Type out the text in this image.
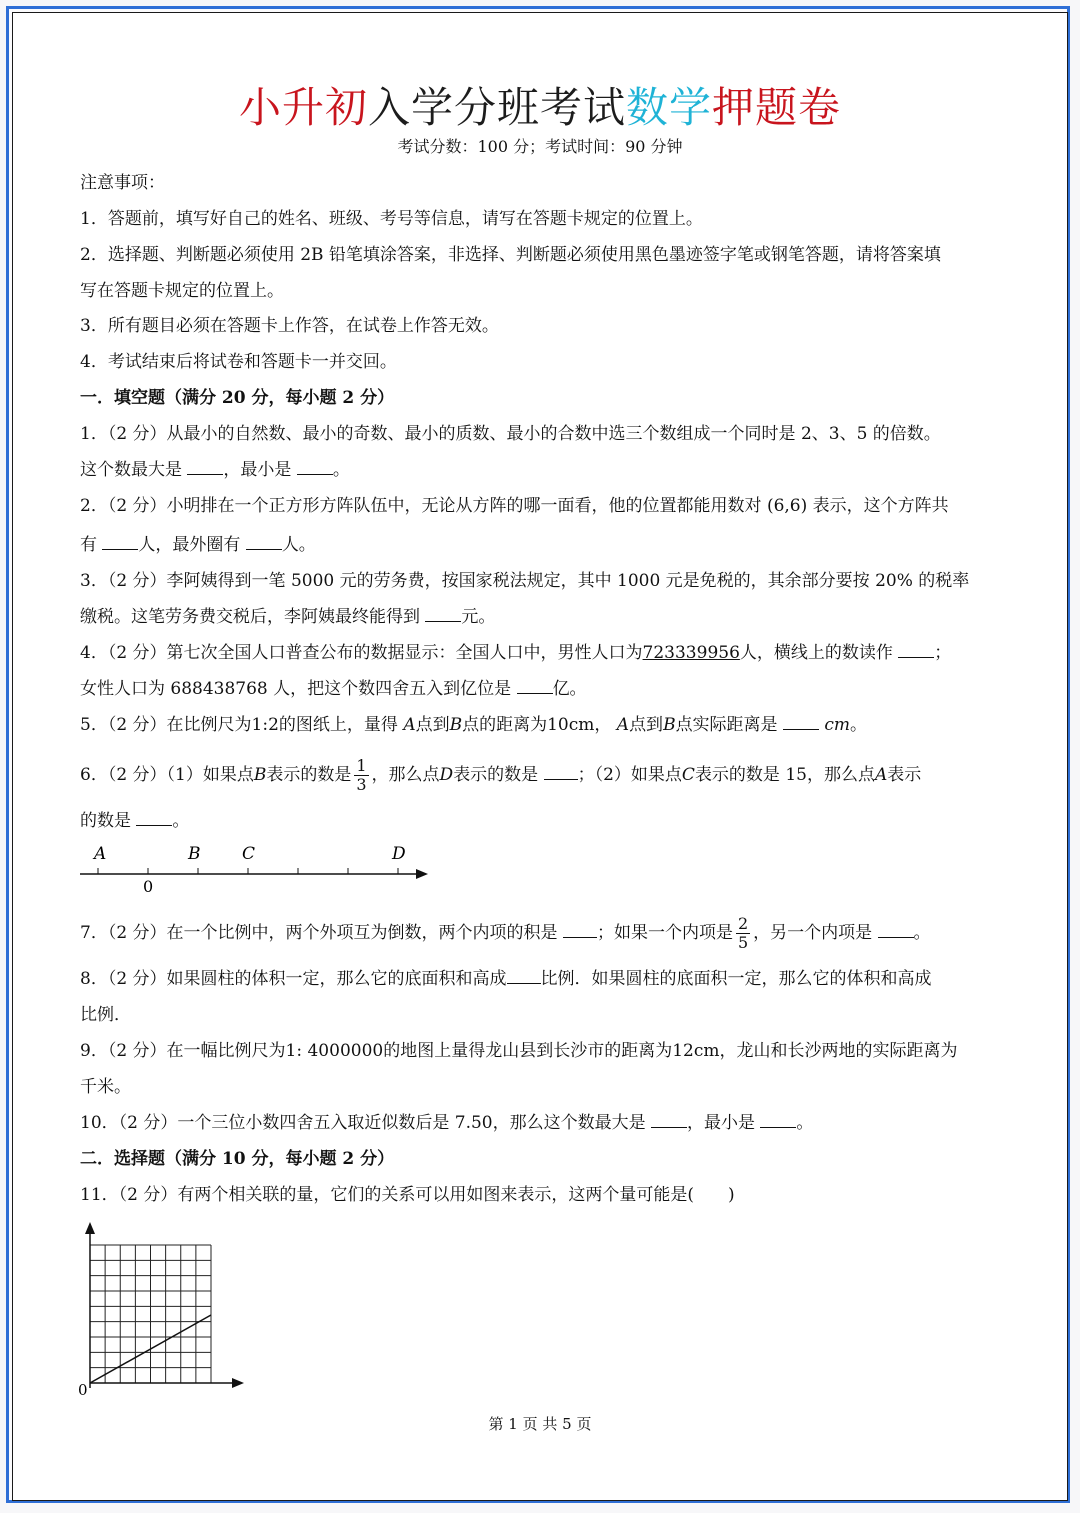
小升初入学分班考试数学押题卷
考试分数：100 分；考试时间：90 分钟
注意事项：
1．答题前，填写好自己的姓名、班级、考号等信息，请写在答题卡规定的位置上。
2．选择题、判断题必须使用 2B 铅笔填涂答案，非选择、判断题必须使用黑色墨迹签字笔或钢笔答题，请将答案填
写在答题卡规定的位置上。
3．所有题目必须在答题卡上作答，在试卷上作答无效。
4．考试结束后将试卷和答题卡一并交回。
一．填空题（满分 20 分，每小题 2 分）
1．（2 分）从最小的自然数、最小的奇数、最小的质数、最小的合数中选三个数组成一个同时是 2、3、5 的倍数。
这个数最大是 ，最小是 。
2．（2 分）小明排在一个正方形方阵队伍中，无论从方阵的哪一面看，他的位置都能用数对 (6,6) 表示，这个方阵共
有 人，最外圈有 人。
3．（2 分）李阿姨得到一笔 5000 元的劳务费，按国家税法规定，其中 1000 元是免税的，其余部分要按 20% 的税率
缴税。这笔劳务费交税后，李阿姨最终能得到 元。
4．（2 分）第七次全国人口普查公布的数据显示：全国人口中，男性人口为723339956人，横线上的数读作 ；
女性人口为 688438768 人，把这个数四舍五入到亿位是 亿。
5．（2 分）在比例尺为1:2的图纸上，量得 A点到B点的距离为10cm， A点到B点实际距离是	cm。
6．（2 分）（1）如果点B表示的数是 $\frac{1}{3}$ ，那么点D表示的数是 ；（2）如果点C表示的数是 15，那么点A表示
的数是 。
A	B C	D
0
7．（2 分）在一个比例中，两个外项互为倒数，两个内项的积是 ；如果一个内项是 $\frac{2}{5}$ ，另一个内项是 。
8．（2 分）如果圆柱的体积一定，那么它的底面积和高成 比例．如果圆柱的底面积一定，那么它的体积和高成
比例．
9．（2 分）在一幅比例尺为1: 4000000的地图上量得龙山县到长沙市的距离为12cm，龙山和长沙两地的实际距离为
千米。
10．（2 分）一个三位小数四舍五入取近似数后是 7.50，那么这个数最大是 ，最小是 。
二．选择题（满分 10 分，每小题 2 分）
11．（2 分）有两个相关联的量，它们的关系可以用如图来表示，这两个量可能是(　　)
0
第 1 页 共 5 页
